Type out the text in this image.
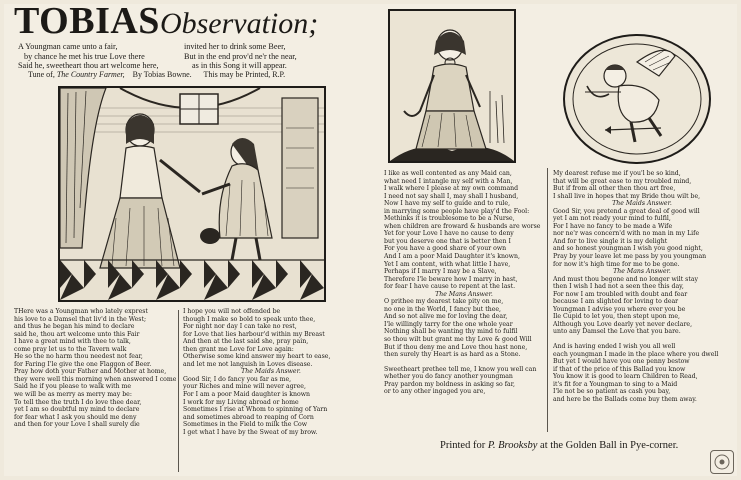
TOBIASObservation;
A Youngman came unto a fair,
by chance he met his true Love there
Said he, sweetheart thou art welcome here,
invited her to drink some Beer,
But in the end prov'd ne'r the near,
as in this Song it will appear.
Tune of, The Country Farmer, By Tobias Bowne. This may be Printed, R.P.
THere was a Youngman who lately exprest
his love to a Damsel that liv'd in the West;
and thus he began his mind to declare
said he, thou art welcome unto this Fair
I have a great mind with thee to talk,
come pray let us to the Tavern walk
He so the no harm thou needest not fear,
for Faring I'le give the one Flaggon of Beer.
Pray how doth your Father and Mother at home,
they were well this morning when answered I come
Said he if you please to walk with me
we will be as merry as merry may be:
To tell thee the truth I do love thee dear,
yet I am so doubtful my mind to declare
for fear what I ask you should me deny
and then for your Love I shall surely die
I hope you will not offended be
though I make so bold to speak unto thee,
For night nor day I can take no rest,
for Love that lies harbour'd within my Breast
And then at the last said she, pray pain,
then grant me Love for Love again:
Otherwise some kind answer my heart to ease,
and let me not languish in Loves disease.
The Maids Answer.
Good Sir, I do fancy you far as me,
your Riches and mine will never agree,
For I am a poor Maid daughter is known
I work for my Living abroad or home
Sometimes I rise at Whom to spinning of Yarn
and sometimes abroad to reaping of Corn
Sometimes in the Field to milk the Cow
I get what I have by the Sweat of my brow.
I like as well contented as any Maid can,
what need I intangle my self with a Man,
I walk where I please at my own command
I need not say shall I, may shall I husband,
Now I have my self to guide and to rule,
in marrying some people have play'd the Fool:
Methinks it is troublesome to be a Nurse,
when children are froward & husbands are worse
Yet for your Love I have no cause to deny
but you deserve one that is better then I
For you have a good share of your own
And I am a poor Maid Daughter it's known,
Yet I am content, with what little I have,
Perhaps if I marry I may be a Slave,
Therefore I'le beware how I marry in hast,
for fear I have cause to repent at the last.
The Mans Answer.
O prithee my dearest take pity on me,
no one in the World, I fancy but thee,
And so not alive me for loving the dear,
I'le willingly tarry for the one whole year
Nothing shall be wanting thy mind to fulfil
so thou wilt but grant me thy Love & good Will
But if thou deny me and Love thou hast none,
then surely thy Heart is as hard as a Stone.
Sweetheart prethee tell me, I know you well can
whether you do fancy another youngman
Pray pardon my boldness in asking so far,
or to any other ingaged you are,
My dearest refuse me if you'l be so kind,
that will be great ease to my troubled mind,
But if from all other then thou art free,
I shall live in hopes that my Bride thou wilt be,
The Maids Answer.
Good Sir, you pretend a great deal of good will
yet I am not ready your mind to fulfil,
For I have no fancy to be made a Wife
nor ne'r was concern'd with no man in my Life
And for to live single it is my delight
and so honest youngman I wish you good night,
Pray by your leave let me pass by you youngman
for now it's high time for me to be gone.
The Mans Answer.
And must thou begone and no longer wilt stay
then I wish I had not a seen thee this day,
For now I am troubled with doubt and fear
because I am slighted for loving to dear
Youngman I advise you where ever you be
Ile Cupid to let you, then stept upon me,
Although you Love dearly yet never declare,
unto any Damsel the Love that you bare.
And is having ended I wish you all well
each youngman I made in the place where you dwell
But yet I would have you one penny bestow
if that of the price of this Ballad you know
You know it is good to learn Children to Read,
it's fit for a Youngman to sing to a Maid
I'le not be so patient as cash you bay,
and here be the Ballads come buy them away.
Printed for P. Brooksby at the Golden Ball in Pye-corner.
